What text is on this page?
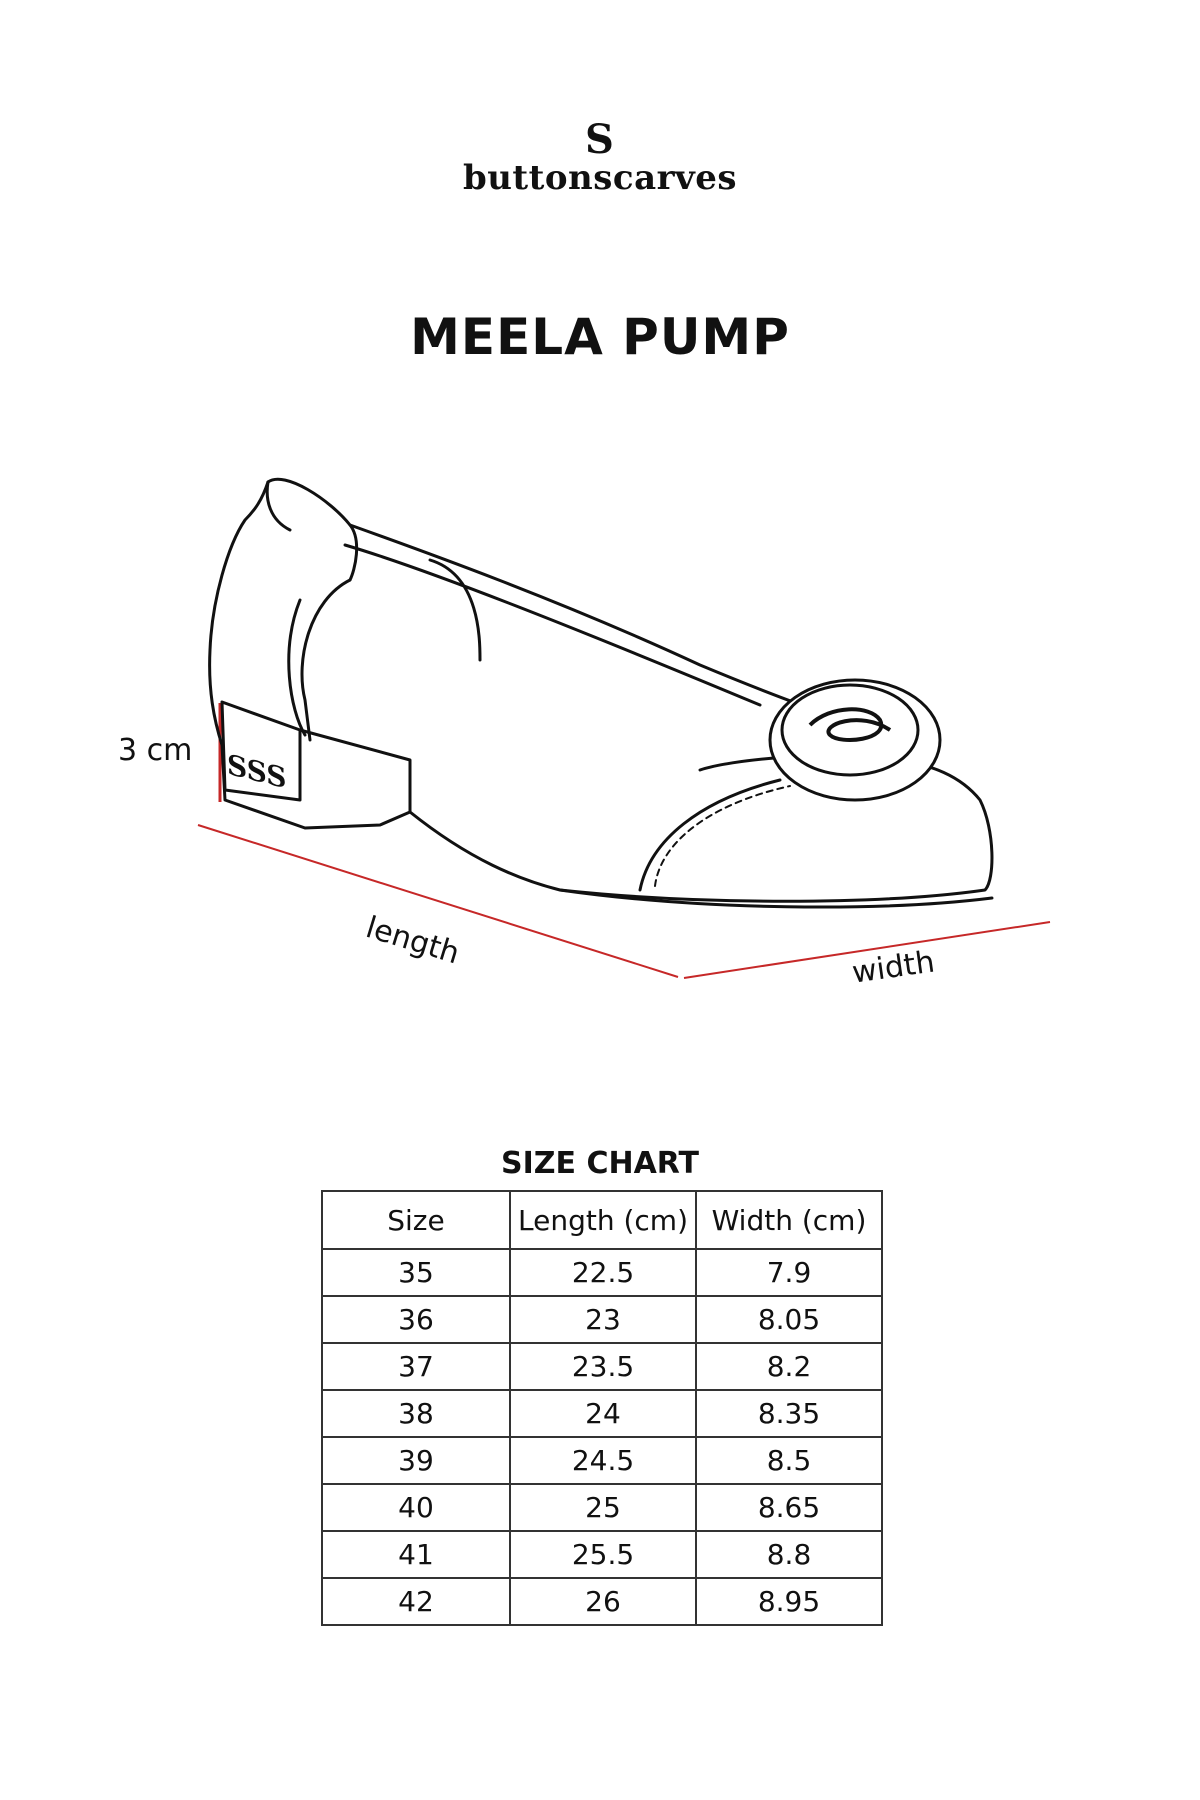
S
buttonscarves
MEELA PUMP
SSS
3 cm
length	width
SIZE CHART
Size	Length (cm)	Width (cm)
35	22.5	7.9
36	23	8.05
37	23.5	8.2
38	24	8.35
39	24.5	8.5
40	25	8.65
41	25.5	8.8
42	26	8.95
